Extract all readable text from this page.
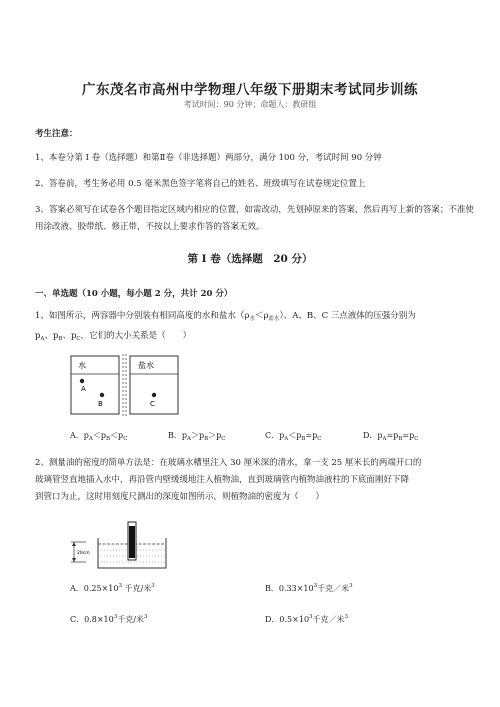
广东茂名市高州中学物理八年级下册期末考试同步训练
考试时间：90 分钟；命题人：教研组
考生注意：
1、本卷分第 I 卷（选择题）和第Ⅱ卷（非选择题）两部分，满分 100 分，考试时间 90 分钟
2、答卷前，考生务必用 0.5 毫米黑色签字笔将自己的姓名、班级填写在试卷规定位置上
3、答案必须写在试卷各个题目指定区域内相应的位置，如需改动，先划掉原来的答案，然后再写上新的答案；不准使用涂改液、胶带纸、修正带，不按以上要求作答的答案无效。
第 I 卷（选择题　20 分）
一、单选题（10 小题，每小题 2 分，共计 20 分）
1、如图所示，两容器中分别装有相同高度的水和盐水$(\rho_水<\rho_{盐水})$、A、B、C 三点液体的压强分别为
$p_A$、$p_B$、$p_C$，它们的大小关系是（　　）
水	盐水
A
B	C
A．$p_A<p_B<p_C$	B．$p_A>p_B>p_C$	C．$p_A<p_B=p_C$	D．$p_A=p_B=p_C$
2、测量油的密度的简单方法是：在玻璃水槽里注入 30 厘米深的清水，拿一支 25 厘米长的两端开口的
玻璃管竖直地插入水中，再沿管内壁缓缓地注入植物油，直到玻璃管内植物油液柱的下底面刚好下降
到管口为止，这时用刻度尺测出的深度如图所示，则植物油的密度为（　　）
20cm
A．$0.25\times 10^3$ 千克/米$^3$	B．$0.33\times 10^3$千克／米$^3$
C．$0.8\times 10^3$千克/米$^3$	D．$0.5\times 10^3$千克／米$^3$
